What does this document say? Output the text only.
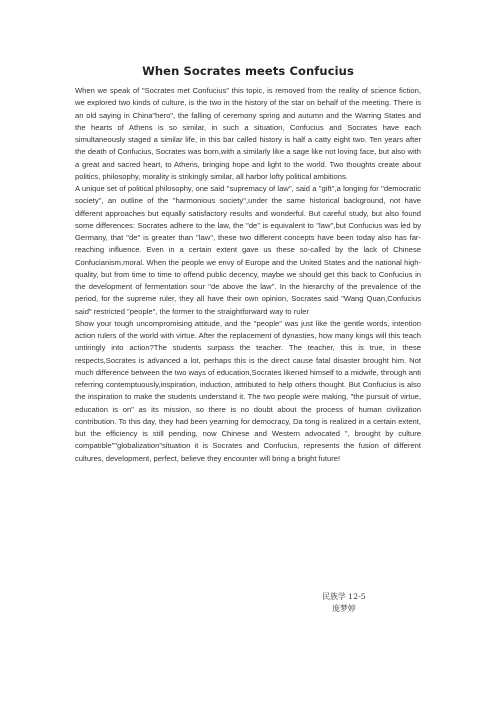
When Socrates meets Confucius

When we speak of "Socrates met Confucius" this topic, is removed from the reality of science fiction, we explored two kinds of culture, is the two in the history of the star on behalf of the meeting. There is an old saying in China"hero", the falling of ceremony spring and autumn and the Warring States and the hearts of Athens is so similar, in such a situation, Confucius and Socrates have each simultaneously staged a similar life, in this bar called history is half a catty eight two. Ten years after the death of Confucius, Socrates was born,with a similarly like a sage like not loving face, but also with a great and sacred heart, to Athens, bringing hope and light to the world. Two thoughts create about politics, philosophy, morality is strikingly similar, all harbor lofty political ambitions.

A unique set of political philosophy, one said ''supremacy of law'', said a ''gift'',a longing for ''democratic society'', an outline of the ''harmonious society'',under the same historical background, not have different approaches but equally satisfactory results and wonderful. But careful study, but also found some differences: Socrates adhere to the law, the ''de'' is equivalent to ''law'',but Confucius was led by Germany, that ''de'' is greater than ''law'', these two different concepts have been today also has far-reaching influence. Even in a certain extent gave us these so-called by the lack of Chinese Confucianism,moral. When the people we envy of Europe and the United States and the national high-quality, but from time to time to offend public decency, maybe we should get this back to Confucius in the development of fermentation sour ''de above the law''. In the hierarchy of the prevalence of the period, for the supreme ruler, they all have their own opinion, Socrates said "Wang Quan,Confucius said" restricted "people", the former to the straightforward way to ruler

Show your tough uncompromising attitude, and the "people" was just like the gentle words, intention action rulers of the world with virtue. After the replacement of dynasties, how many kings will this teach untiringly into action?The students surpass the teacher. The teacher, this is true, in these respects,Socrates is advanced a lot, perhaps this is the direct cause fatal disaster brought him. Not much difference between the two ways of education,Socrates likened himself to a midwife, through anti referring contemptuously,inspiration, induction, attributed to help others thought. But Confucius is also the inspiration to make the students understand it. The two people were making, "the pursuit of virtue, education is on" as its mission, so there is no doubt about the process of human civilization contribution. To this day, they had been yearning for democracy, Da tong is realized in a certain extent, but the efficiency is still pending, now Chinese and Western advocated ", brought by culture compatible""globalization"situation it is Socrates and Confucius, represents the fusion of different cultures, development, perfect, believe they encounter will bring a bright future!

民族学 12-5
庞梦婷
